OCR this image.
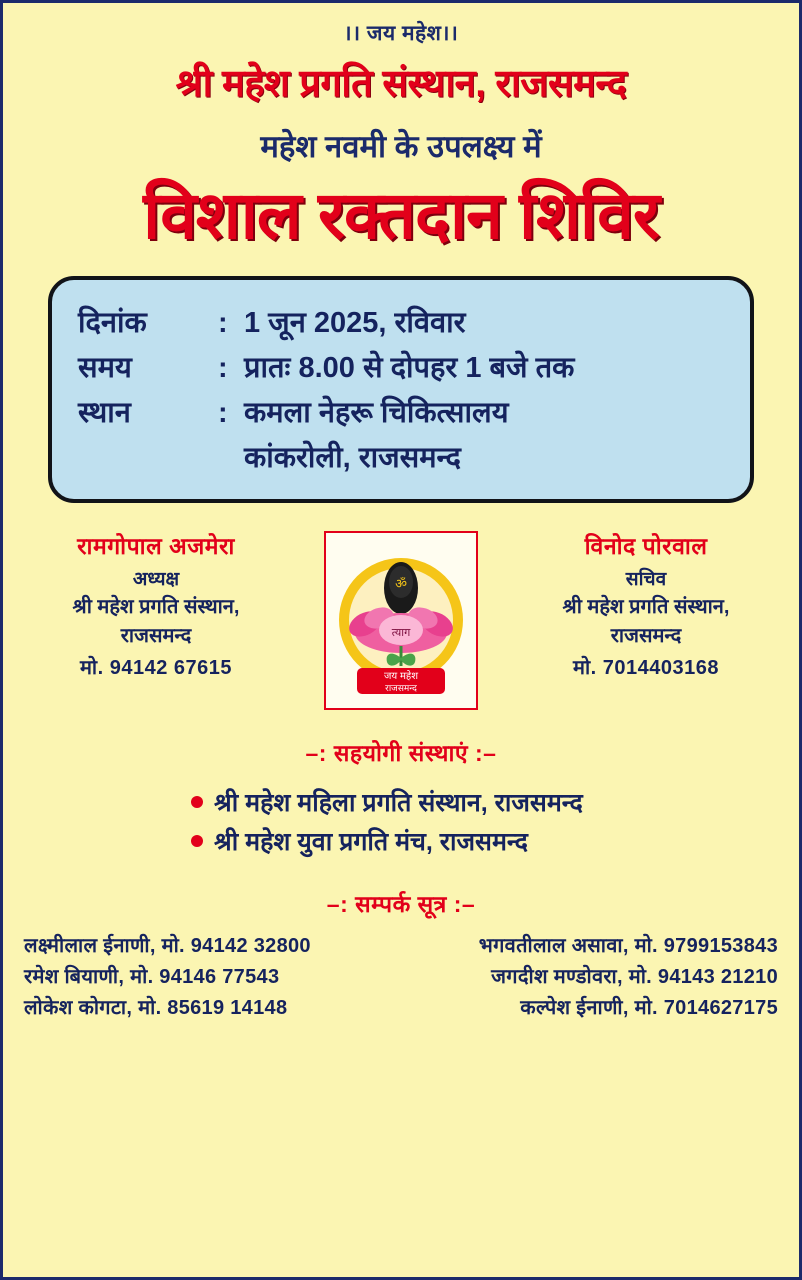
।। जय महेश।।
श्री महेश प्रगति संस्थान, राजसमन्द
महेश नवमी के उपलक्ष्य में
विशाल रक्तदान शिविर
दिनांक	: 1 जून 2025, रविवार
समय	: प्रातः 8.00 से दोपहर 1 बजे तक
स्थान	: कमला नेहरू चिकित्सालय
कांकरोली, राजसमन्द
रामगोपाल अजमेरा
अध्यक्ष
श्री महेश प्रगति संस्थान,
राजसमन्द
मो. 94142 67615
ॐ
त्याग
जय महेश
राजसमन्द
विनोद पोरवाल
सचिव
श्री महेश प्रगति संस्थान,
राजसमन्द
मो. 7014403168
–: सहयोगी संस्थाएं :–
श्री महेश महिला प्रगति संस्थान, राजसमन्द
श्री महेश युवा प्रगति मंच, राजसमन्द
–: सम्पर्क सूत्र :–
लक्ष्मीलाल ईनाणी, मो. 94142 32800
रमेश बियाणी, मो. 94146 77543
लोकेश कोगटा, मो. 85619 14148
भगवतीलाल असावा, मो. 9799153843
जगदीश मण्डोवरा, मो. 94143 21210
कल्पेश ईनाणी, मो. 7014627175
